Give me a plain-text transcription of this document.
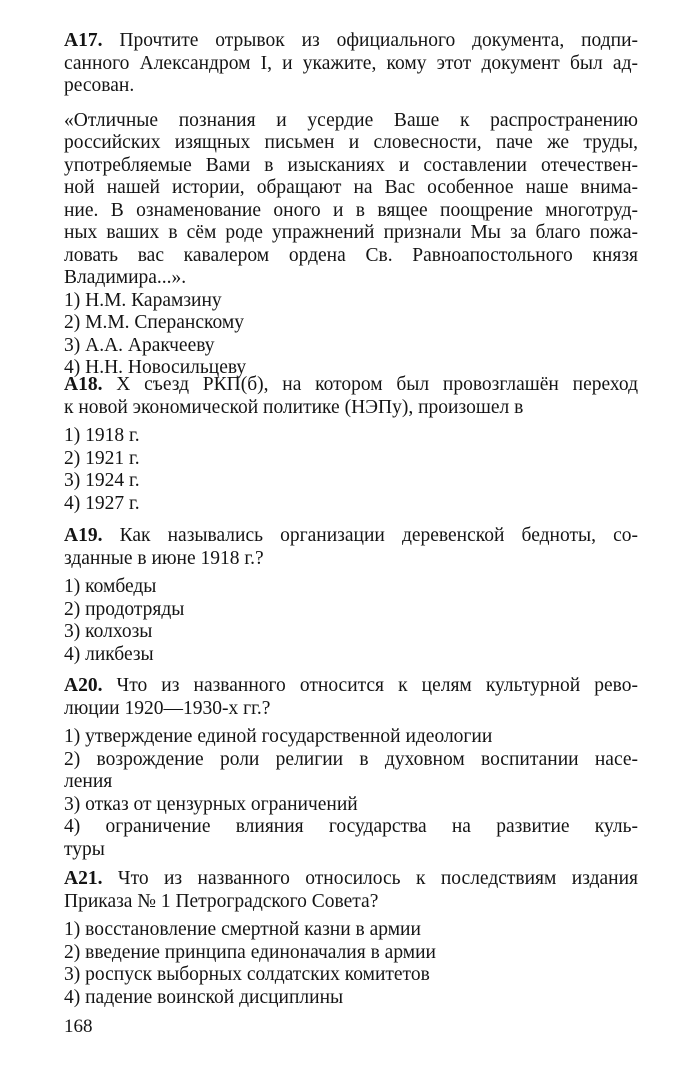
А17. Прочтите отрывок из официального документа, подпи-
санного Александром I, и укажите, кому этот документ был ад-
ресован.
«Отличные познания и усердие Ваше к распространению
российских изящных письмен и словесности, паче же труды,
употребляемые Вами в изысканиях и составлении отечествен-
ной нашей истории, обращают на Вас особенное наше внима-
ние. В ознаменование оного и в вящее поощрение многотруд-
ных ваших в сём роде упражнений признали Мы за благо пожа-
ловать вас кавалером ордена Св. Равноапостольного князя
Владимира...».
1) Н.М. Карамзину
2) М.М. Сперанскому
3) А.А. Аракчееву
4) Н.Н. Новосильцеву
А18. X съезд РКП(б), на котором был провозглашён переход
к новой экономической политике (НЭПу), произошел в
1) 1918 г.
2) 1921 г.
3) 1924 г.
4) 1927 г.
А19. Как назывались организации деревенской бедноты, со-
зданные в июне 1918 г.?
1) комбеды
2) продотряды
3) колхозы
4) ликбезы
А20. Что из названного относится к целям культурной рево-
люции 1920—1930-х гг.?
1) утверждение единой государственной идеологии
2) возрождение роли религии в духовном воспитании насе-
ления
3) отказ от цензурных ограничений
4) ограничение влияния государства на развитие куль-
туры
А21. Что из названного относилось к последствиям издания
Приказа № 1 Петроградского Совета?
1) восстановление смертной казни в армии
2) введение принципа единоначалия в армии
3) роспуск выборных солдатских комитетов
4) падение воинской дисциплины
168
